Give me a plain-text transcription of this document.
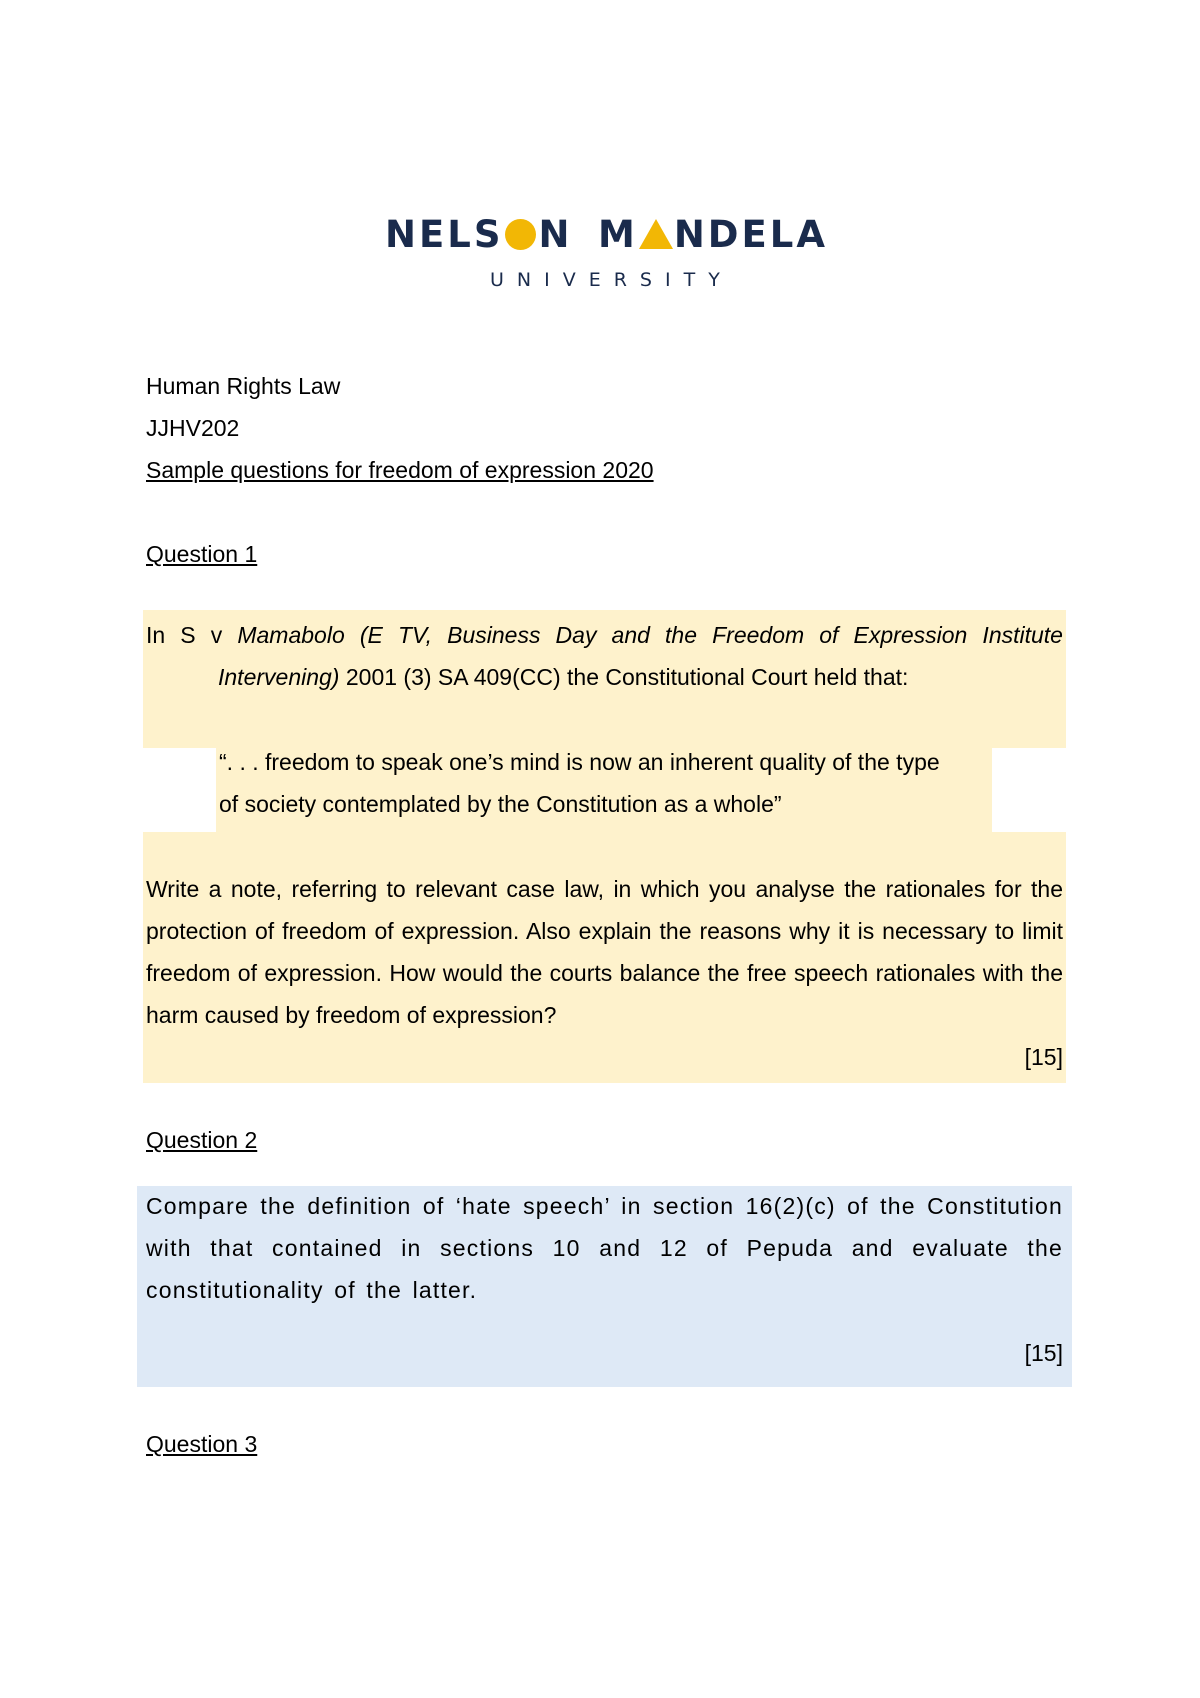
NELS N M NDELA
UNIVERSITY
Human Rights Law
JJHV202
Sample questions for freedom of expression 2020
Question 1

In S v Mamabolo (E TV, Business Day and the Freedom of Expression Institute

Intervening) 2001 (3) SA 409(CC) the Constitutional Court held that:

“. . . freedom to speak one’s mind is now an inherent quality of the type
of society contemplated by the Constitution as a whole”
Write a note, referring to relevant case law, in which you analyse the rationales for the protection of freedom of expression. Also explain the reasons why it is necessary to limit freedom of expression. How would the courts balance the free speech rationales with the harm caused by freedom of expression?
[15]
Question 2
Compare the definition of ‘hate speech’ in section 16(2)(c) of the Constitution with that contained in sections 10 and 12 of Pepuda and evaluate the constitutionality of the latter.
[15]
Question 3
